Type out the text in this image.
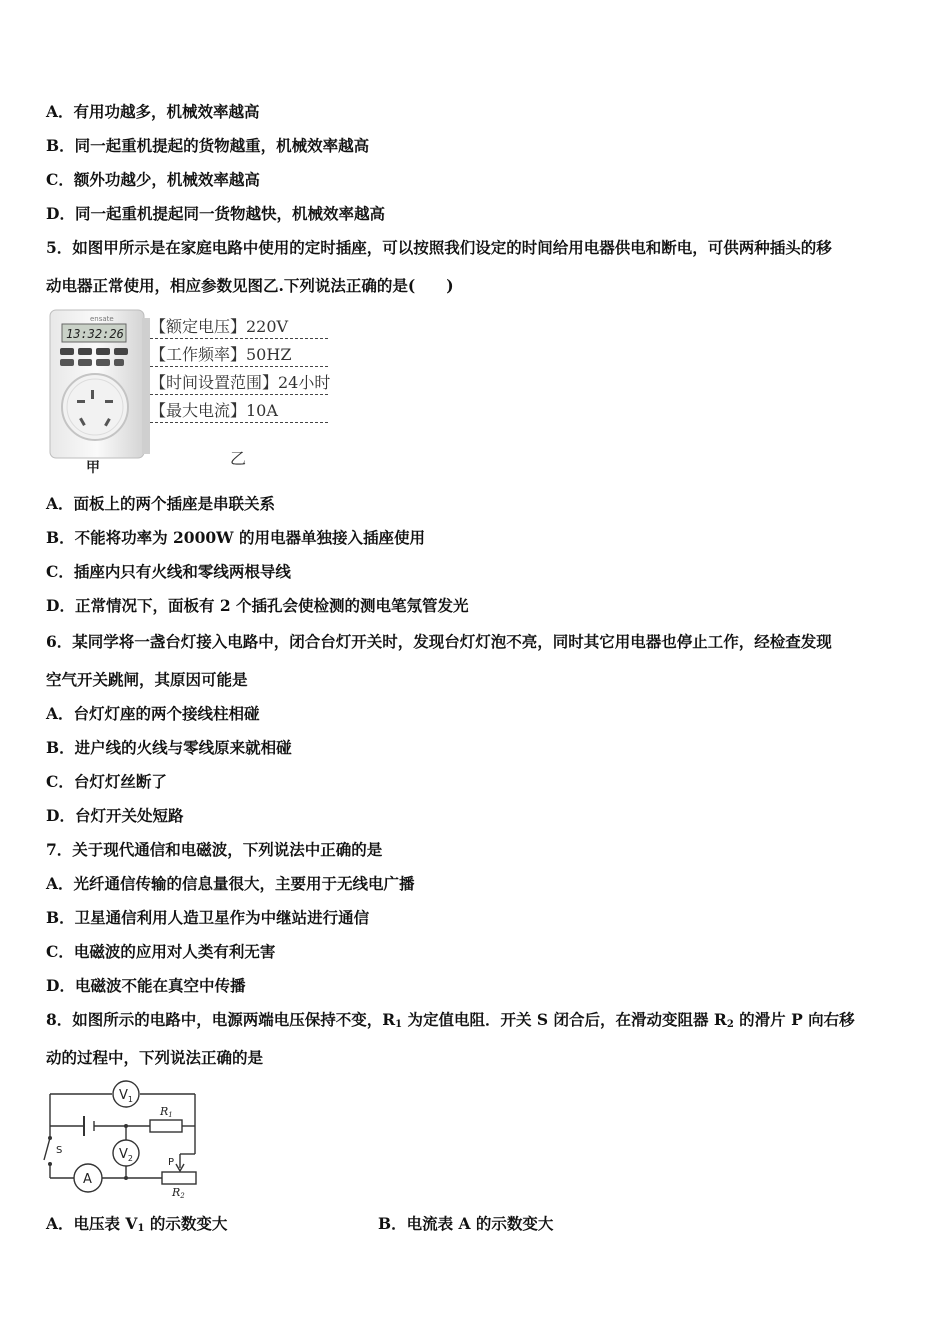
A．有用功越多，机械效率越高
B．同一起重机提起的货物越重，机械效率越高
C．额外功越少，机械效率越高
D．同一起重机提起同一货物越快，机械效率越高
5．如图甲所示是在家庭电路中使用的定时插座，可以按照我们设定的时间给用电器供电和断电，可供两种插头的移
动电器正常使用，相应参数见图乙.下列说法正确的是(　　)
ensate
13:32:26
甲
【额定电压】220V
【工作频率】50HZ
【时间设置范围】24小时
【最大电流】10A
乙
A．面板上的两个插座是串联关系
B．不能将功率为 2000W 的用电器单独接入插座使用
C．插座内只有火线和零线两根导线
D．正常情况下，面板有 2 个插孔会使检测的测电笔氖管发光
6．某同学将一盏台灯接入电路中，闭合台灯开关时，发现台灯灯泡不亮，同时其它用电器也停止工作，经检查发现
空气开关跳闸，其原因可能是
A．台灯灯座的两个接线柱相碰
B．进户线的火线与零线原来就相碰
C．台灯灯丝断了
D．台灯开关处短路
7．关于现代通信和电磁波，下列说法中正确的是
A．光纤通信传输的信息量很大，主要用于无线电广播
B．卫星通信利用人造卫星作为中继站进行通信
C．电磁波的应用对人类有利无害
D．电磁波不能在真空中传播
8．如图所示的电路中，电源两端电压保持不变，$R_1$ 为定值电阻．开关 S 闭合后，在滑动变阻器 $R_2$ 的滑片 P 向右移
动的过程中，下列说法正确的是
$V_1$
$V_2$
A
R1
R2
S
P
A．电压表 $V_1$ 的示数变大	B．电流表 A 的示数变大
